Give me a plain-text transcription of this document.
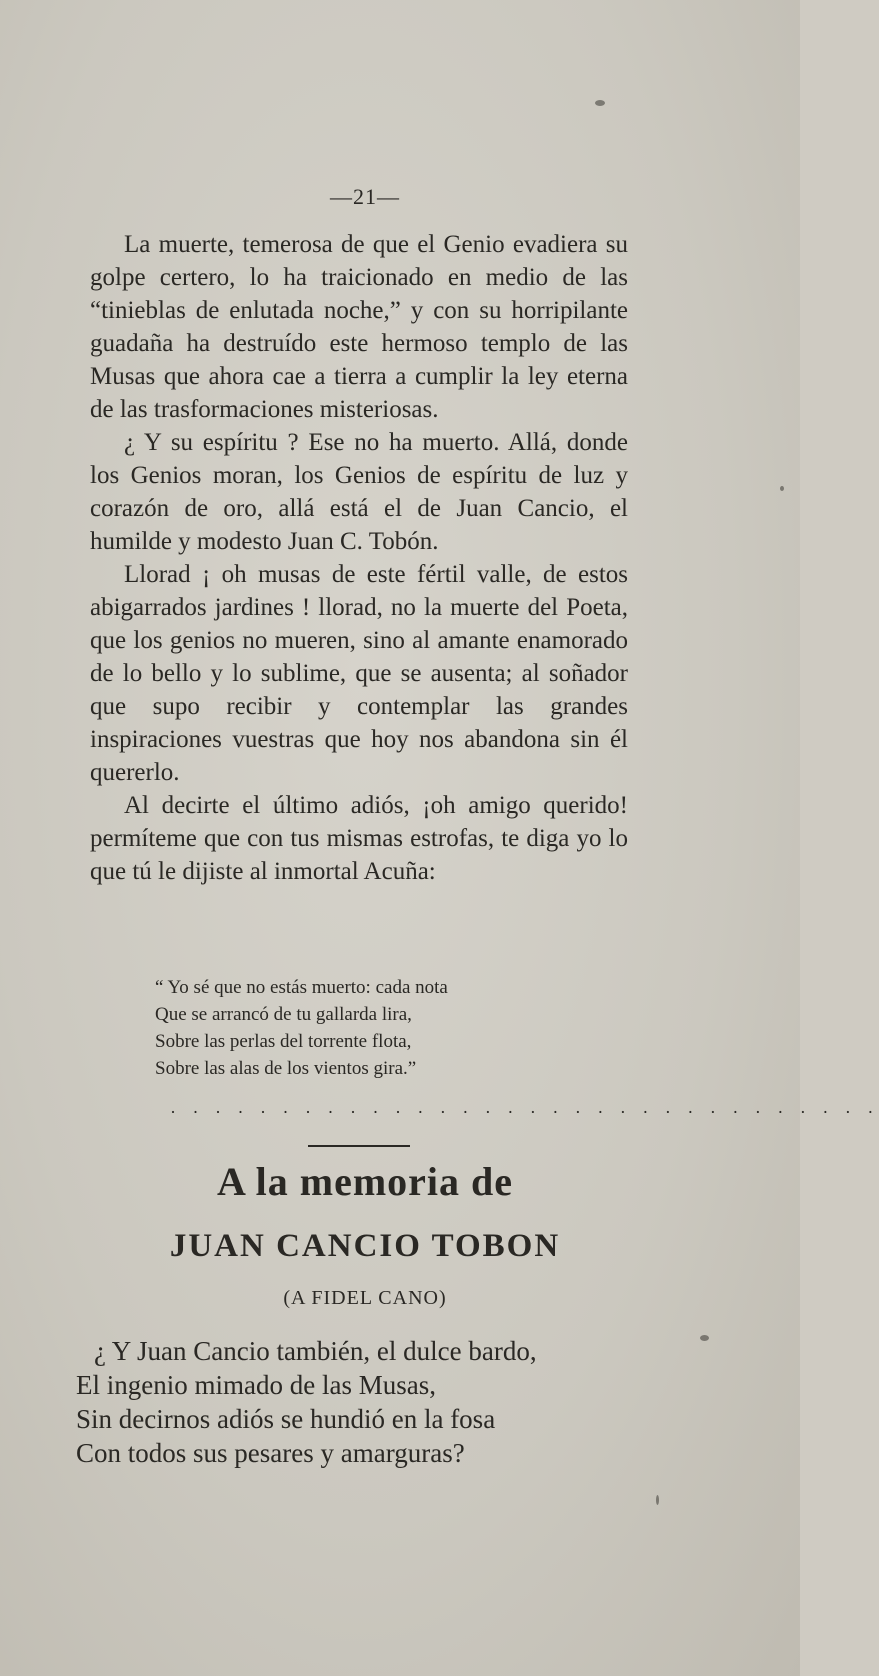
—21—

La muerte, temerosa de que el Genio evadiera su golpe certero, lo ha traicionado en medio de las “tinieblas de enlutada noche,” y con su horripilante guadaña ha destruído este hermoso templo de las Musas que ahora cae a tierra a cumplir la ley eterna de las trasformaciones misteriosas.

¿ Y su espíritu ? Ese no ha muerto. Allá, donde los Genios moran, los Genios de espíritu de luz y corazón de oro, allá está el de Juan Cancio, el humilde y modesto Juan C. Tobón.

Llorad ¡ oh musas de este fértil valle, de estos abigarrados jardines ! llorad, no la muerte del Poeta, que los genios no mueren, sino al amante enamorado de lo bello y lo sublime, que se ausenta; al soñador que supo recibir y contemplar las grandes inspiraciones vuestras que hoy nos abandona sin él quererlo.

Al decirte el último adiós, ¡oh amigo querido! permíteme que con tus mismas estrofas, te diga yo lo que tú le dijiste al inmortal Acuña:

“ Yo sé que no estás muerto: cada nota
Que se arrancó de tu gallarda lira,
Sobre las perlas del torrente flota,
Sobre las alas de los vientos gira.”
· · · · · · · · · · · · · · · · · · · · · · · · · · · · · · · ·
A la memoria de
JUAN CANCIO TOBON
(A FIDEL CANO)
¿ Y Juan Cancio también, el dulce bardo,
El ingenio mimado de las Musas,
Sin decirnos adiós se hundió en la fosa
Con todos sus pesares y amarguras?
